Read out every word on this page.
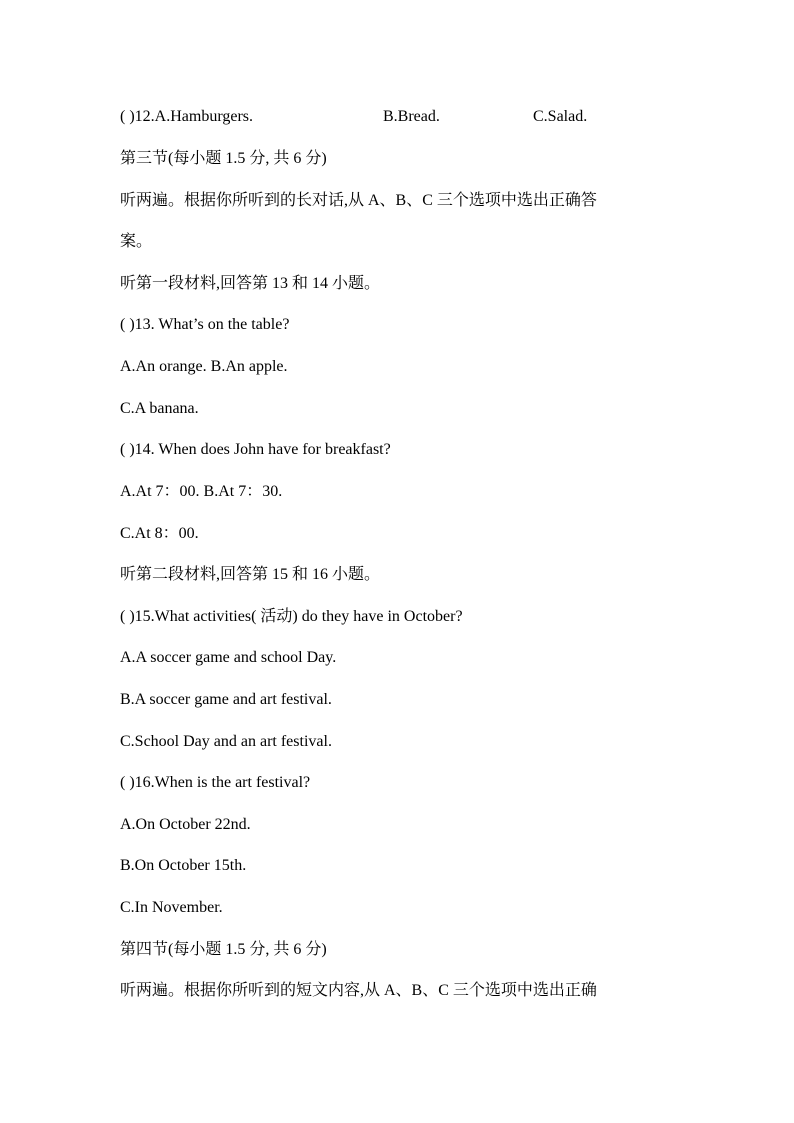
( )12.A.Hamburgers.	B.Bread.	C.Salad.
第三节(每小题 1.5 分, 共 6 分)
听两遍。根据你所听到的长对话,从 A、B、C 三个选项中选出正确答
案。
听第一段材料,回答第 13 和 14 小题。
( )13. What’s on the table?
A.An orange. B.An apple.
C.A banana.
( )14. When does John have for breakfast?
A.At 7：00. B.At 7：30.
C.At 8：00.
听第二段材料,回答第 15 和 16 小题。
( )15.What activities( 活动) do they have in October?
A.A soccer game and school Day.
B.A soccer game and art festival.
C.School Day and an art festival.
( )16.When is the art festival?
A.On October 22nd.
B.On October 15th.
C.In November.
第四节(每小题 1.5 分, 共 6 分)
听两遍。根据你所听到的短文内容,从 A、B、C 三个选项中选出正确
